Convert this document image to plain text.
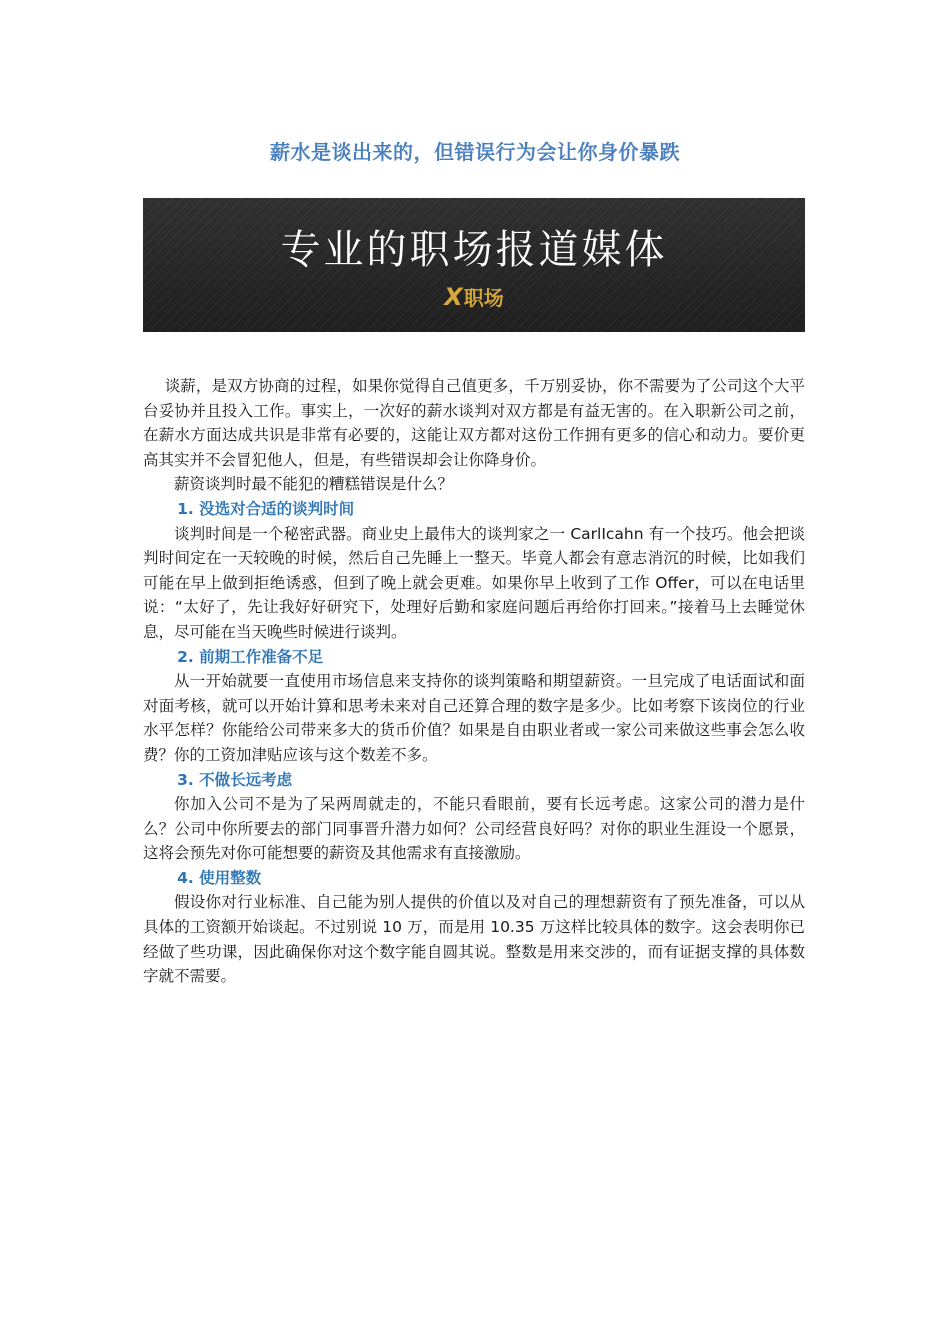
薪水是谈出来的，但错误行为会让你身价暴跌
专业的职场报道媒体
X职场

谈薪，是双方协商的过程，如果你觉得自己值更多，千万别妥协，你不需要为了公司这个大平台妥协并且投入工作。事实上，一次好的薪水谈判对双方都是有益无害的。在入职新公司之前，在薪水方面达成共识是非常有必要的，这能让双方都对这份工作拥有更多的信心和动力。要价更高其实并不会冒犯他人，但是，有些错误却会让你降身价。

薪资谈判时最不能犯的糟糕错误是什么？

1. 没选对合适的谈判时间

谈判时间是一个秘密武器。商业史上最伟大的谈判家之一 CarlIcahn 有一个技巧。他会把谈判时间定在一天较晚的时候，然后自己先睡上一整天。毕竟人都会有意志消沉的时候，比如我们可能在早上做到拒绝诱惑，但到了晚上就会更难。如果你早上收到了工作 Offer，可以在电话里说：“太好了，先让我好好研究下，处理好后勤和家庭问题后再给你打回来。”接着马上去睡觉休息，尽可能在当天晚些时候进行谈判。

2. 前期工作准备不足

从一开始就要一直使用市场信息来支持你的谈判策略和期望薪资。一旦完成了电话面试和面对面考核，就可以开始计算和思考未来对自己还算合理的数字是多少。比如考察下该岗位的行业水平怎样？你能给公司带来多大的货币价值？如果是自由职业者或一家公司来做这些事会怎么收费？你的工资加津贴应该与这个数差不多。

3. 不做长远考虑

你加入公司不是为了呆两周就走的，不能只看眼前，要有长远考虑。这家公司的潜力是什么？公司中你所要去的部门同事晋升潜力如何？公司经营良好吗？对你的职业生涯设一个愿景，这将会预先对你可能想要的薪资及其他需求有直接激励。

4. 使用整数

假设你对行业标准、自己能为别人提供的价值以及对自己的理想薪资有了预先准备，可以从具体的工资额开始谈起。不过别说 10 万，而是用 10.35 万这样比较具体的数字。这会表明你已经做了些功课，因此确保你对这个数字能自圆其说。整数是用来交涉的，而有证据支撑的具体数字就不需要。
